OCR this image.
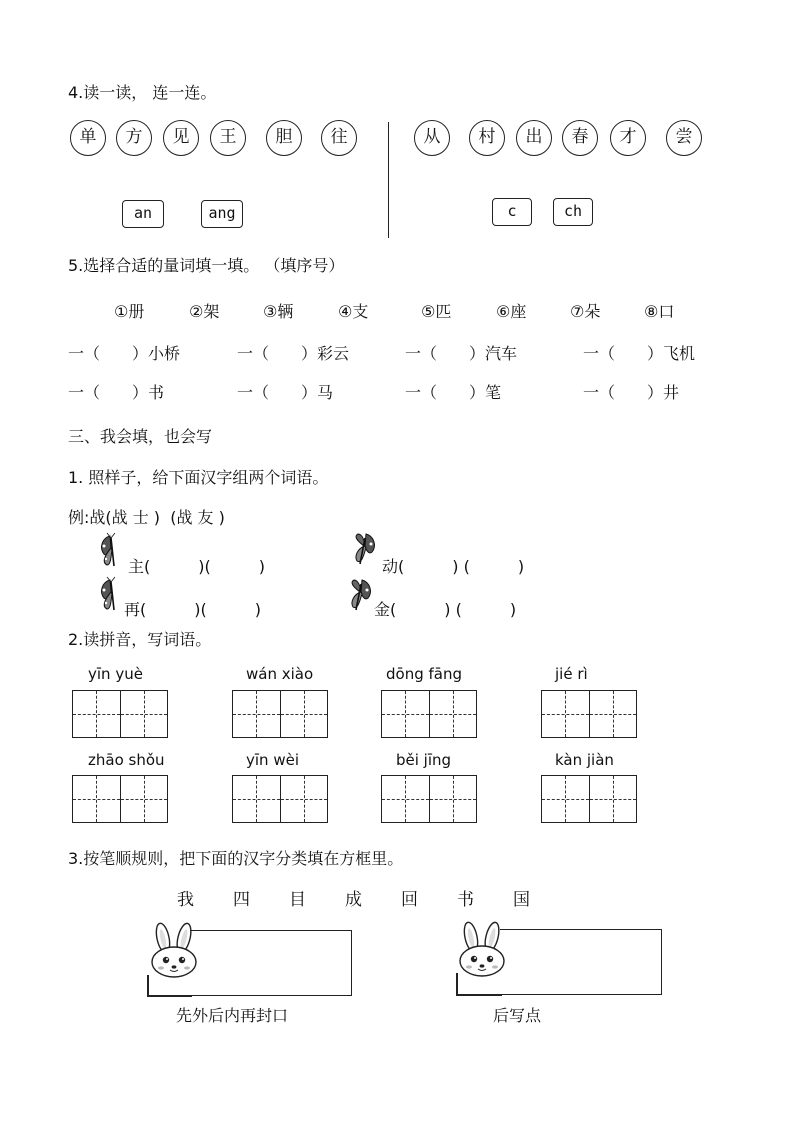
4.读一读， 连一连。
单	方	见	王	胆	往
an	ang
从	村	出	春	才	尝
c	ch
5.选择合适的量词填一填。 （填序号）
①册	②架	③辆	④支	⑤匹	⑥座	⑦朵	⑧口
一（　　）小桥	一（　　）彩云	一（　　）汽车	一（　　）飞机
一（　　）书	一（　　）马	一（　　）笔	一（　　）井
三、我会填，也会写
1. 照样子，给下面汉字组两个词语。
例:战(战 士 )  (战 友 )
主(　　　)(　　　)	动(　　　) (　　　)
再(　　　)(　　　)	金(　　　) (　　　)
2.读拼音，写词语。
yīn yuè	wán xiào	dōng fāng	jié rì
zhāo shǒu	yīn wèi	běi jīng	kàn jiàn
3.按笔顺规则，把下面的汉字分类填在方框里。
我 四 目 成 回 书 国
先外后内再封口	后写点
